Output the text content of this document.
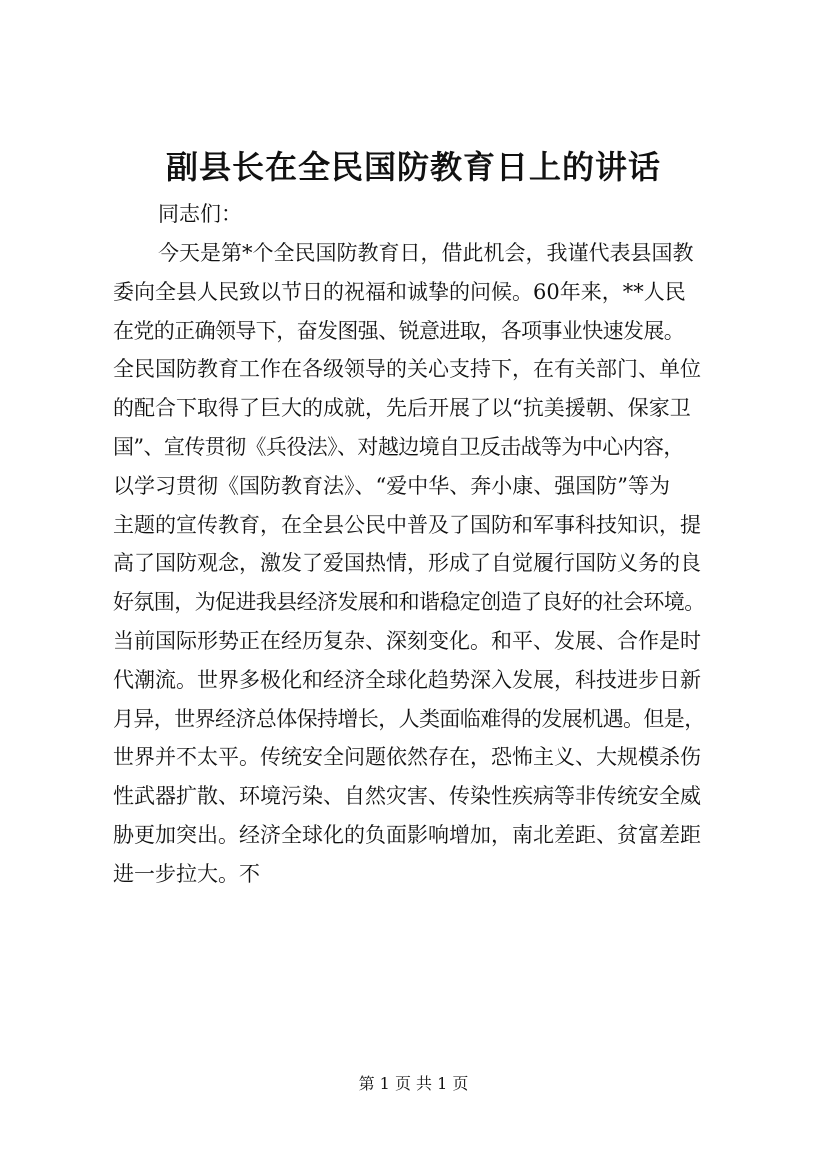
副县长在全民国防教育日上的讲话
同志们：
今天是第*个全民国防教育日，借此机会，我谨代表县国教
委向全县人民致以节日的祝福和诚挚的问候。60年来，**人民
在党的正确领导下，奋发图强、锐意进取，各项事业快速发展。
全民国防教育工作在各级领导的关心支持下，在有关部门、单位
的配合下取得了巨大的成就，先后开展了以“抗美援朝、保家卫
国”、宣传贯彻《兵役法》、对越边境自卫反击战等为中心内容，
以学习贯彻《国防教育法》、“爱中华、奔小康、强国防”等为
主题的宣传教育，在全县公民中普及了国防和军事科技知识，提
高了国防观念，激发了爱国热情，形成了自觉履行国防义务的良
好氛围，为促进我县经济发展和和谐稳定创造了良好的社会环境。
当前国际形势正在经历复杂、深刻变化。和平、发展、合作是时
代潮流。世界多极化和经济全球化趋势深入发展，科技进步日新
月异，世界经济总体保持增长，人类面临难得的发展机遇。但是，
世界并不太平。传统安全问题依然存在，恐怖主义、大规模杀伤
性武器扩散、环境污染、自然灾害、传染性疾病等非传统安全威
胁更加突出。经济全球化的负面影响增加，南北差距、贫富差距
进一步拉大。不
第 1 页 共 1 页
